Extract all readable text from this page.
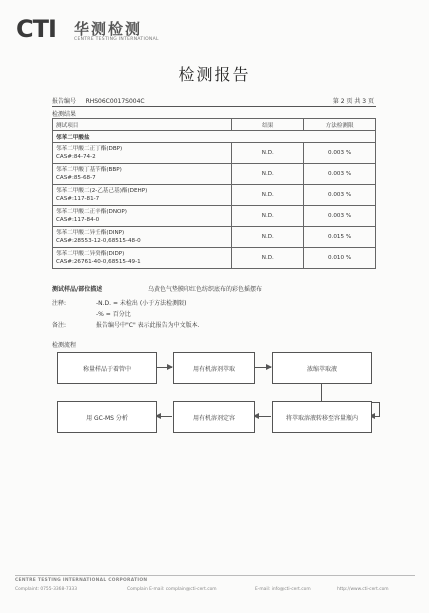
CTI 华测检测
CENTRE TESTING INTERNATIONAL
检测报告
报告编号 RHS06C0017S004C	第 2 页 共 3 页
检测结果
测试项目	结果	方法检测限
邻苯二甲酸盐		
邻苯二甲酸二正丁酯(DBP)
CAS#:84-74-2	N.D.	0.003 %
邻苯二甲酸丁基苄酯(BBP)
CAS#:85-68-7	N.D.	0.003 %
邻苯二甲酸二(2-乙基己基)酯(DEHP)
CAS#:117-81-7	N.D.	0.003 %
邻苯二甲酸二正辛酯(DNOP)
CAS#:117-84-0	N.D.	0.003 %
邻苯二甲酸二异壬酯(DINP)
CAS#:28553-12-0,68515-48-0	N.D.	0.015 %
邻苯二甲酸二异癸酯(DIDP)
CAS#:26761-40-0,68515-49-1	N.D.	0.010 %
测试样品/部位描述	乌黄色气垫膜印红色纺织底布的彩色摇摆布
注释:	-N.D. = 未检出 (小于方法检测限)
-% = 百分比
备注:	报告编号中"C" 表示此报告为中文版本.
检测流程
称量样品于着管中	用有机溶剂萃取	浓缩萃取液
将萃取溶液转移至容量瓶内
用有机溶剂定容
用 GC-MS 分析
CENTRE TESTING INTERNATIONAL CORPORATION
Complaint: 0755-3368-7333	Complain E-mail: complain@cti-cert.com	E-mail: info@cti-cert.com	http://www.cti-cert.com
